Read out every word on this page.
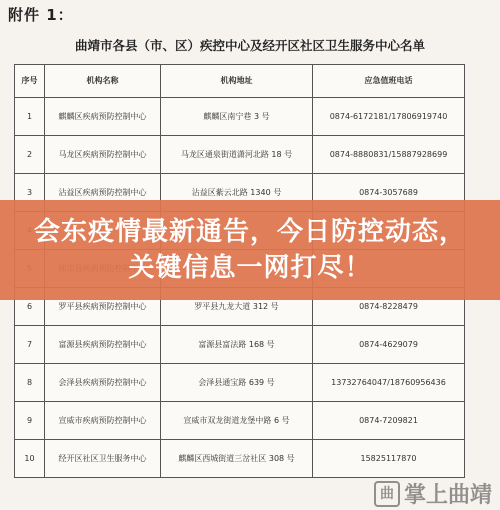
附件 1：
曲靖市各县（市、区）疾控中心及经开区社区卫生服务中心名单
序号	机构名称	机构地址	应急值班电话
1	麒麟区疾病预防控制中心	麒麟区南宁巷 3 号	0874-6172181/17806919740
2	马龙区疾病预防控制中心	马龙区通泉街道潇河北路 18 号	0874-8880831/15887928699
3	沾益区疾病预防控制中心	沾益区紫云北路 1340 号	0874-3057689

6	罗平县疾病预防控制中心	罗平县九龙大道 312 号	0874-8228479
7	富源县疾病预防控制中心	富源县富法路 168 号	0874-4629079
8	会泽县疾病预防控制中心	会泽县通宝路 639 号	13732764047/18760956436
9	宣威市疾病预防控制中心	宣威市双龙街道龙堡中路 6 号	0874-7209821
10	经开区社区卫生服务中心	麒麟区西城街道三岔社区 308 号	15825117870
会东疫情最新通告，今日防控动态，关键信息一网打尽！
曲 掌上曲靖
